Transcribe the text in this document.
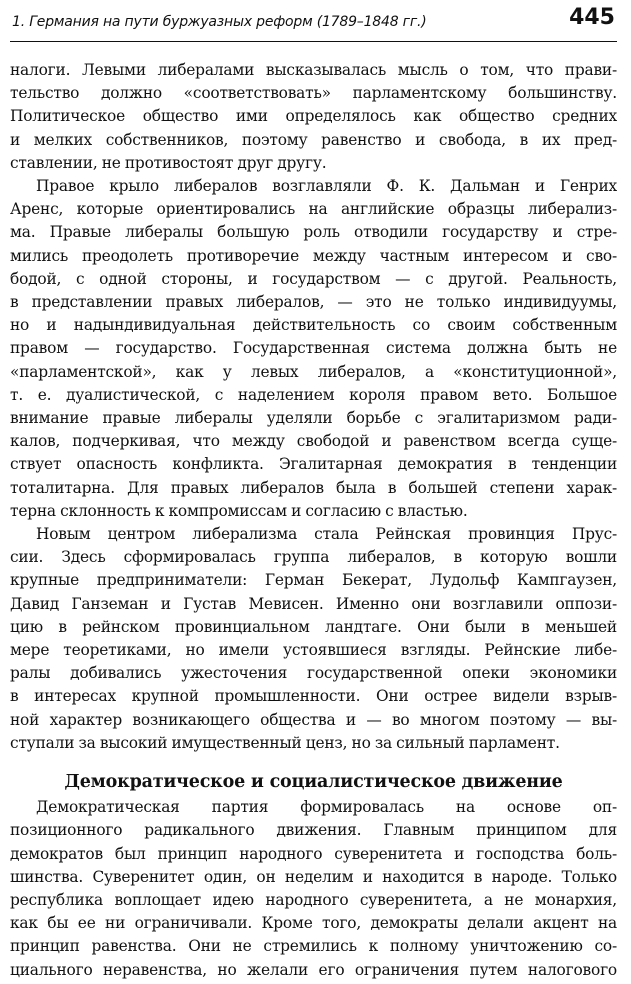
1. Германия на пути буржуазных реформ (1789–1848 гг.)	445

налоги. Левыми либералами высказывалась мысль о том, что прави-
тельство должно «соответствовать» парламентскому большинству.
Политическое общество ими определялось как общество средних
и мелких собственников, поэтому равенство и свобода, в их пред-
ставлении, не противостоят друг другу.

Правое крыло либералов возглавляли Ф. К. Дальман и Генрих
Аренс, которые ориентировались на английские образцы либерализ-
ма. Правые либералы большую роль отводили государству и стре-
мились преодолеть противоречие между частным интересом и сво-
бодой, с одной стороны, и государством — с другой. Реальность,
в представлении правых либералов, — это не только индивидуумы,
но и надындивидуальная действительность со своим собственным
правом — государство. Государственная система должна быть не
«парламентской», как у левых либералов, а «конституционной»,
т. е. дуалистической, с наделением короля правом вето. Большое
внимание правые либералы уделяли борьбе с эгалитаризмом ради-
калов, подчеркивая, что между свободой и равенством всегда суще-
ствует опасность конфликта. Эгалитарная демократия в тенденции
тоталитарна. Для правых либералов была в большей степени харак-
терна склонность к компромиссам и согласию с властью.

Новым центром либерализма стала Рейнская провинция Прус-
сии. Здесь сформировалась группа либералов, в которую вошли
крупные предприниматели: Герман Бекерат, Лудольф Кампгаузен,
Давид Ганземан и Густав Мевисен. Именно они возглавили оппози-
цию в рейнском провинциальном ландтаге. Они были в меньшей
мере теоретиками, но имели устоявшиеся взгляды. Рейнские либе-
ралы добивались ужесточения государственной опеки экономики
в интересах крупной промышленности. Они острее видели взрыв-
ной характер возникающего общества и — во многом поэтому — вы-
ступали за высокий имущественный ценз, но за сильный парламент.

Демократическое и социалистическое движение

Демократическая партия формировалась на основе оп-
позиционного радикального движения. Главным принципом для
демократов был принцип народного суверенитета и господства боль-
шинства. Суверенитет один, он неделим и находится в народе. Только
республика воплощает идею народного суверенитета, а не монархия,
как бы ее ни ограничивали. Кроме того, демократы делали акцент на
принцип равенства. Они не стремились к полному уничтожению со-
циального неравенства, но желали его ограничения путем налогового
